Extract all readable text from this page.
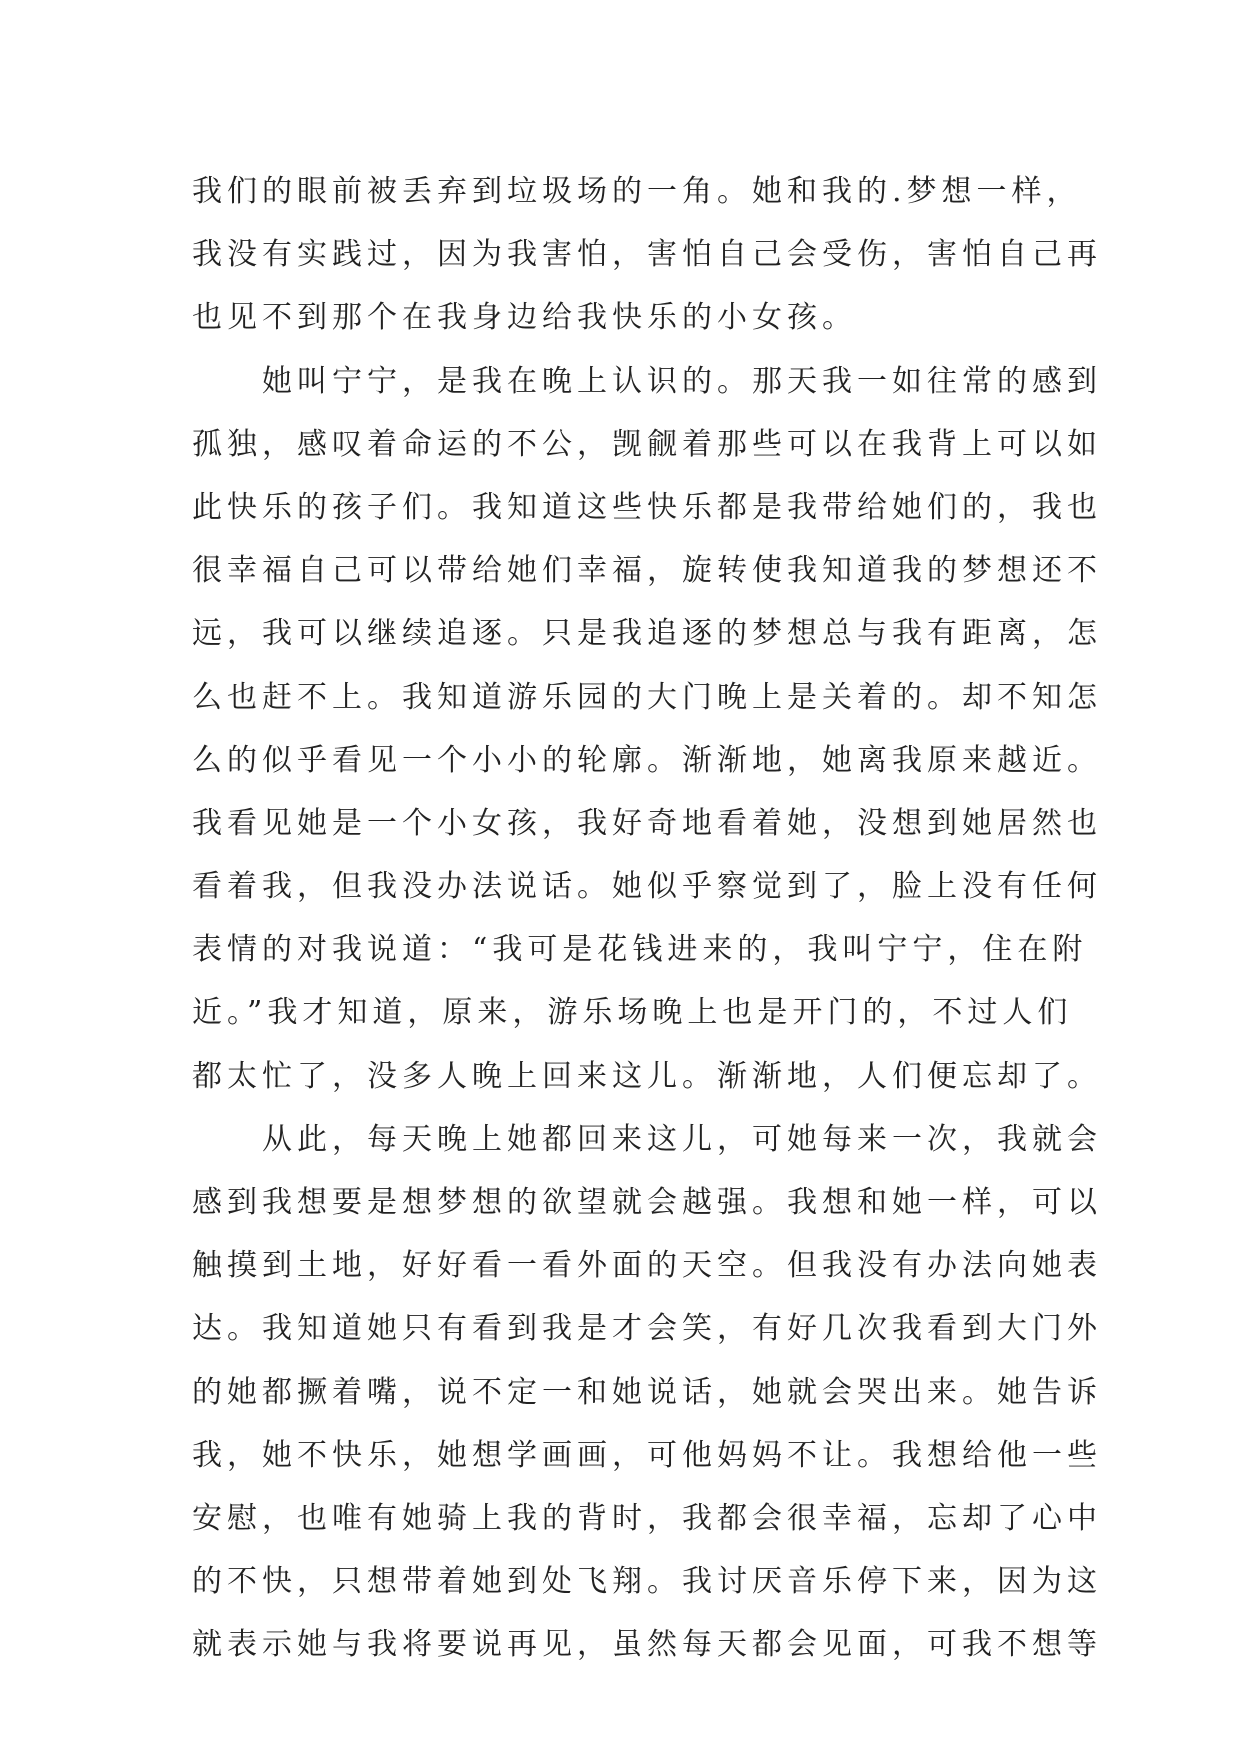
我们的眼前被丢弃到垃圾场的一角。她和我的.梦想一样，
我没有实践过，因为我害怕，害怕自己会受伤，害怕自己再
也见不到那个在我身边给我快乐的小女孩。
　　她叫宁宁，是我在晚上认识的。那天我一如往常的感到
孤独，感叹着命运的不公，觊觎着那些可以在我背上可以如
此快乐的孩子们。我知道这些快乐都是我带给她们的，我也
很幸福自己可以带给她们幸福，旋转使我知道我的梦想还不
远，我可以继续追逐。只是我追逐的梦想总与我有距离，怎
么也赶不上。我知道游乐园的大门晚上是关着的。却不知怎
么的似乎看见一个小小的轮廓。渐渐地，她离我原来越近。
我看见她是一个小女孩，我好奇地看着她，没想到她居然也
看着我，但我没办法说话。她似乎察觉到了，脸上没有任何
表情的对我说道：“我可是花钱进来的，我叫宁宁，住在附
近。”我才知道，原来，游乐场晚上也是开门的，不过人们
都太忙了，没多人晚上回来这儿。渐渐地，人们便忘却了。
　　从此，每天晚上她都回来这儿，可她每来一次，我就会
感到我想要是想梦想的欲望就会越强。我想和她一样，可以
触摸到土地，好好看一看外面的天空。但我没有办法向她表
达。我知道她只有看到我是才会笑，有好几次我看到大门外
的她都撅着嘴，说不定一和她说话，她就会哭出来。她告诉
我，她不快乐，她想学画画，可他妈妈不让。我想给他一些
安慰，也唯有她骑上我的背时，我都会很幸福，忘却了心中
的不快，只想带着她到处飞翔。我讨厌音乐停下来，因为这
就表示她与我将要说再见，虽然每天都会见面，可我不想等
